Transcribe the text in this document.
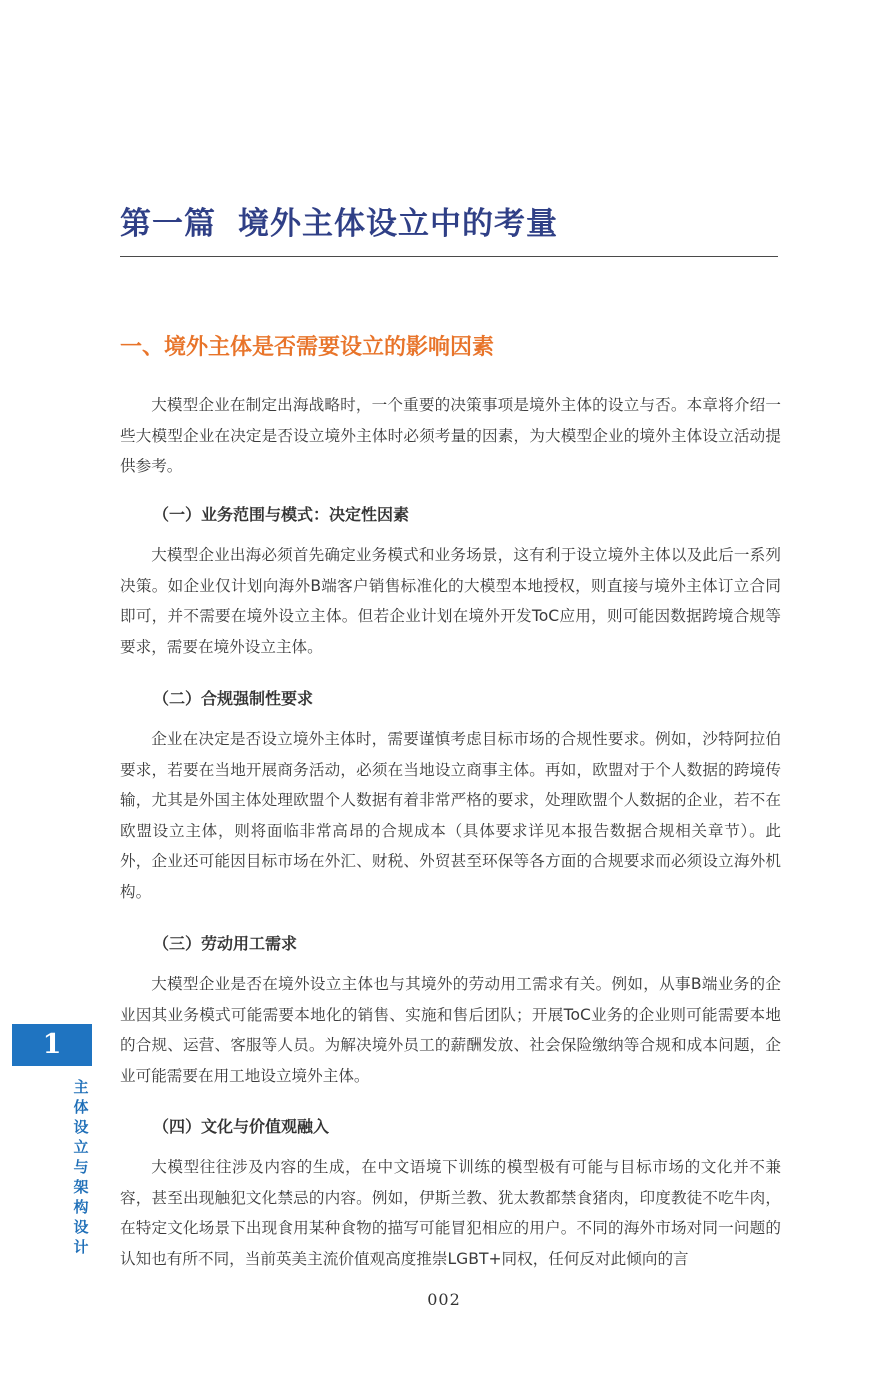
第一篇 境外主体设立中的考量
一、境外主体是否需要设立的影响因素

大模型企业在制定出海战略时，一个重要的决策事项是境外主体的设立与否。本章将介绍一些大模型企业在决定是否设立境外主体时必须考量的因素，为大模型企业的境外主体设立活动提供参考。

（一）业务范围与模式：决定性因素

大模型企业出海必须首先确定业务模式和业务场景，这有利于设立境外主体以及此后一系列决策。如企业仅计划向海外B端客户销售标准化的大模型本地授权，则直接与境外主体订立合同即可，并不需要在境外设立主体。但若企业计划在境外开发ToC应用，则可能因数据跨境合规等要求，需要在境外设立主体。

（二）合规强制性要求

企业在决定是否设立境外主体时，需要谨慎考虑目标市场的合规性要求。例如，沙特阿拉伯要求，若要在当地开展商务活动，必须在当地设立商事主体。再如，欧盟对于个人数据的跨境传输，尤其是外国主体处理欧盟个人数据有着非常严格的要求，处理欧盟个人数据的企业，若不在欧盟设立主体，则将面临非常高昂的合规成本（具体要求详见本报告数据合规相关章节）。此外，企业还可能因目标市场在外汇、财税、外贸甚至环保等各方面的合规要求而必须设立海外机构。

（三）劳动用工需求

大模型企业是否在境外设立主体也与其境外的劳动用工需求有关。例如，从事B端业务的企业因其业务模式可能需要本地化的销售、实施和售后团队；开展ToC业务的企业则可能需要本地的合规、运营、客服等人员。为解决境外员工的薪酬发放、社会保险缴纳等合规和成本问题，企业可能需要在用工地设立境外主体。

（四）文化与价值观融入

大模型往往涉及内容的生成，在中文语境下训练的模型极有可能与目标市场的文化并不兼容，甚至出现触犯文化禁忌的内容。例如，伊斯兰教、犹太教都禁食猪肉，印度教徒不吃牛肉，在特定文化场景下出现食用某种食物的描写可能冒犯相应的用户。不同的海外市场对同一问题的认知也有所不同，当前英美主流价值观高度推崇LGBT+同权，任何反对此倾向的言

1
主体设立与架构设计
002
